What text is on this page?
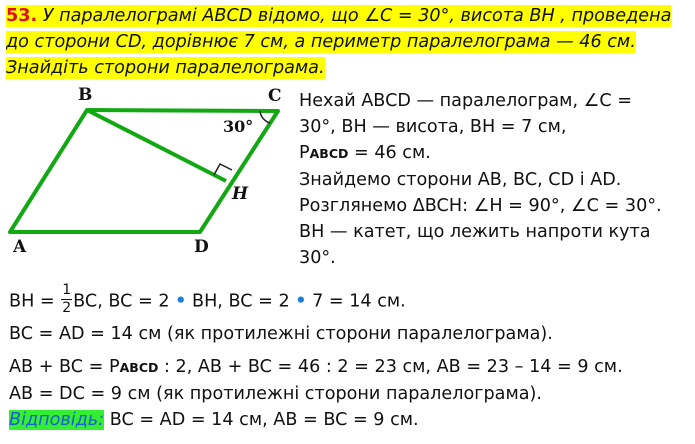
53. У паралелограмі ABCD відомо, що ∠C = 30°, висота BH , проведена до сторони CD, дорівнює 7 см, а периметр паралелограма — 46 см. Знайдіть сторони паралелограма.
B	C
A	D
H
30°
Нехай ABCD — паралелограм, ∠C =
30°, BH — висота, BH = 7 см,
PABCD = 46 см.
Знайдемо сторони AB, BC, CD і AD.
Розглянемо ΔBCH: ∠H = 90°, ∠C = 30°.
BH — катет, що лежить напроти кута
30°.
BH = $\frac{1}{2}$ BC, BC = 2 • BH, BC = 2 • 7 = 14 см.
BC = AD = 14 см (як протилежні сторони паралелограма).
AB + BC = PABCD : 2, AB + BC = 46 : 2 = 23 см, AB = 23 – 14 = 9 см.
AB = DC = 9 см (як протилежні сторони паралелограма).
Відповідь: BC = AD = 14 см, AB = BC = 9 см.
